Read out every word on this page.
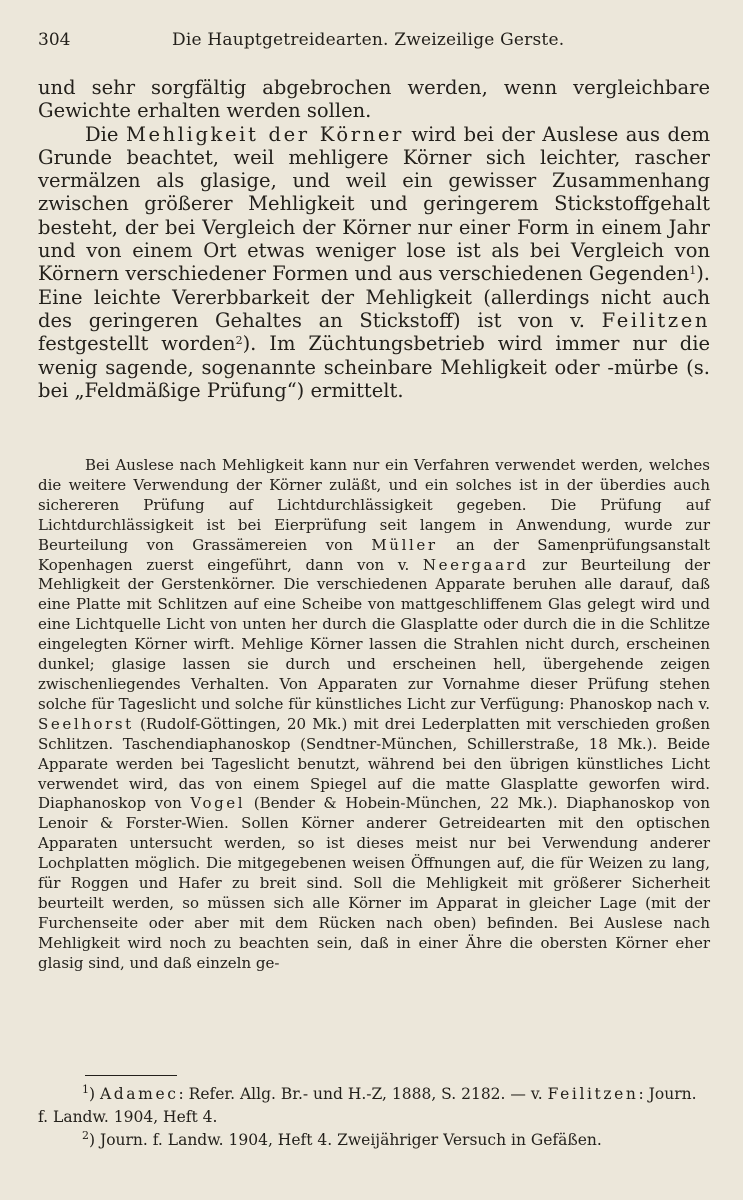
304	Die Hauptgetreidearten. Zweizeilige Gerste.

und sehr sorgfältig abgebrochen werden, wenn vergleichbare Gewichte erhalten werden sollen.

Die Mehligkeit der Körner wird bei der Auslese aus dem Grunde beachtet, weil mehligere Körner sich leichter, rascher vermälzen als glasige, und weil ein gewisser Zusammenhang zwischen größerer Mehligkeit und geringerem Stickstoffgehalt besteht, der bei Vergleich der Körner nur einer Form in einem Jahr und von einem Ort etwas weniger lose ist als bei Vergleich von Körnern verschiedener Formen und aus verschiedenen Gegenden$^1$). Eine leichte Vererbbarkeit der Mehligkeit (allerdings nicht auch des geringeren Gehaltes an Stickstoff) ist von v. Feilitzen festgestellt worden$^2$). Im Züchtungsbetrieb wird immer nur die wenig sagende, sogenannte scheinbare Mehligkeit oder -mürbe (s. bei „Feldmäßige Prüfung“) ermittelt.

Bei Auslese nach Mehligkeit kann nur ein Verfahren verwendet werden, welches die weitere Verwendung der Körner zuläßt, und ein solches ist in der überdies auch sichereren Prüfung auf Lichtdurchlässigkeit gegeben. Die Prüfung auf Lichtdurchlässigkeit ist bei Eierprüfung seit langem in Anwendung, wurde zur Beurteilung von Grassämereien von Müller an der Samenprüfungsanstalt Kopenhagen zuerst eingeführt, dann von v. Neergaard zur Beurteilung der Mehligkeit der Gerstenkörner. Die verschiedenen Apparate beruhen alle darauf, daß eine Platte mit Schlitzen auf eine Scheibe von mattgeschliffenem Glas gelegt wird und eine Lichtquelle Licht von unten her durch die Glasplatte oder durch die in die Schlitze eingelegten Körner wirft. Mehlige Körner lassen die Strahlen nicht durch, erscheinen dunkel; glasige lassen sie durch und erscheinen hell, übergehende zeigen zwischenliegendes Verhalten. Von Apparaten zur Vornahme dieser Prüfung stehen solche für Tageslicht und solche für künstliches Licht zur Verfügung: Phanoskop nach v. Seelhorst (Rudolf-Göttingen, 20 Mk.) mit drei Lederplatten mit verschieden großen Schlitzen. Taschendiaphanoskop (Sendtner-München, Schillerstraße, 18 Mk.). Beide Apparate werden bei Tageslicht benutzt, während bei den übrigen künstliches Licht verwendet wird, das von einem Spiegel auf die matte Glasplatte geworfen wird. Diaphanoskop von Vogel (Bender & Hobein-München, 22 Mk.). Diaphanoskop von Lenoir & Forster-Wien. Sollen Körner anderer Getreidearten mit den optischen Apparaten untersucht werden, so ist dieses meist nur bei Verwendung anderer Lochplatten möglich. Die mitgegebenen weisen Öffnungen auf, die für Weizen zu lang, für Roggen und Hafer zu breit sind. Soll die Mehligkeit mit größerer Sicherheit beurteilt werden, so müssen sich alle Körner im Apparat in gleicher Lage (mit der Furchenseite oder aber mit dem Rücken nach oben) befinden. Bei Auslese nach Mehligkeit wird noch zu beachten sein, daß in einer Ähre die obersten Körner eher glasig sind, und daß einzeln ge-

$^1$) Adamec: Refer. Allg. Br.- und H.-Z, 1888, S. 2182. — v. Feilitzen: Journ. f. Landw. 1904, Heft 4.

$^2$) Journ. f. Landw. 1904, Heft 4. Zweijähriger Versuch in Gefäßen.
